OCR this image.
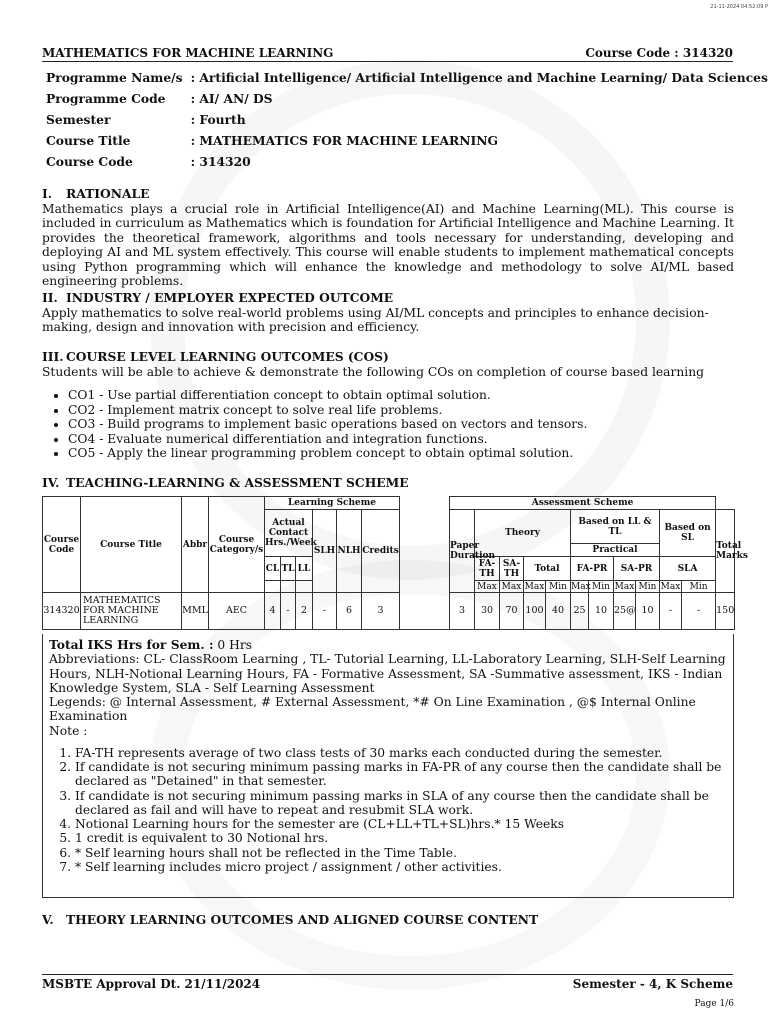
21-11-2024 04:52:09 P
MATHEMATICS FOR MACHINE LEARNING	Course Code : 314320
Programme Name/s	: Artificial Intelligence/ Artificial Intelligence and Machine Learning/ Data Sciences
Programme Code	: AI/ AN/ DS
Semester	: Fourth
Course Title	: MATHEMATICS FOR MACHINE LEARNING
Course Code	: 314320
I. RATIONALE
Mathematics plays a crucial role in Artificial Intelligence(AI) and Machine Learning(ML). This course is included in curriculum as Mathematics which is foundation for Artificial Intelligence and Machine Learning. It provides the theoretical framework, algorithms and tools necessary for understanding, developing and deploying AI and ML system effectively. This course will enable students to implement mathematical concepts using Python programming which will enhance the knowledge and methodology to solve AI/ML based engineering problems.
II. INDUSTRY / EMPLOYER EXPECTED OUTCOME
Apply mathematics to solve real-world problems using AI/ML concepts and principles to enhance decision-making, design and innovation with precision and efficiency.
III. COURSE LEVEL LEARNING OUTCOMES (COS)
Students will be able to achieve & demonstrate the following COs on completion of course based learning
• CO1 - Use partial differentiation concept to obtain optimal solution.
• CO2 - Implement matrix concept to solve real life problems.
• CO3 - Build programs to implement basic operations based on vectors and tensors.
• CO4 - Evaluate numerical differentiation and integration functions.
• CO5 - Apply the linear programming problem concept to obtain optimal solution.
IV. TEACHING-LEARNING & ASSESSMENT SCHEME
Course Code	Course Title	Abbr	Course Category/s	Learning Scheme							Assessment Scheme											
				Actual Contact Hrs./Week			SLH	NLH	Credits		Paper Duration	Theory				Based on LL & TL				Based on SL		Total Marks
																Practical						
				CL	TL	LL						FA-TH	SA-TH	Total		FA-PR		SA-PR		SLA		
												Max	Max	Max	Min	Max	Min	Max	Min	Max	Min	
314320	MATHEMATICS FOR MACHINE LEARNING	MML	AEC	4	-	2	-	6	3		3	30	70	100	40	25	10	25@	10	-	-	150
Total IKS Hrs for Sem. : 0 Hrs
Abbreviations: CL- ClassRoom Learning , TL- Tutorial Learning, LL-Laboratory Learning, SLH-Self Learning Hours, NLH-Notional Learning Hours, FA - Formative Assessment, SA -Summative assessment, IKS - Indian Knowledge System, SLA - Self Learning Assessment
Legends: @ Internal Assessment, # External Assessment, *# On Line Examination , @$ Internal Online Examination
Note :
1. FA-TH represents average of two class tests of 30 marks each conducted during the semester.
2. If candidate is not securing minimum passing marks in FA-PR of any course then the candidate shall be declared as "Detained" in that semester.
3. If candidate is not securing minimum passing marks in SLA of any course then the candidate shall be declared as fail and will have to repeat and resubmit SLA work.
4. Notional Learning hours for the semester are (CL+LL+TL+SL)hrs.* 15 Weeks
5. 1 credit is equivalent to 30 Notional hrs.
6. * Self learning hours shall not be reflected in the Time Table.
7. * Self learning includes micro project / assignment / other activities.
V. THEORY LEARNING OUTCOMES AND ALIGNED COURSE CONTENT
MSBTE Approval Dt. 21/11/2024	Semester - 4, K Scheme
Page 1/6
